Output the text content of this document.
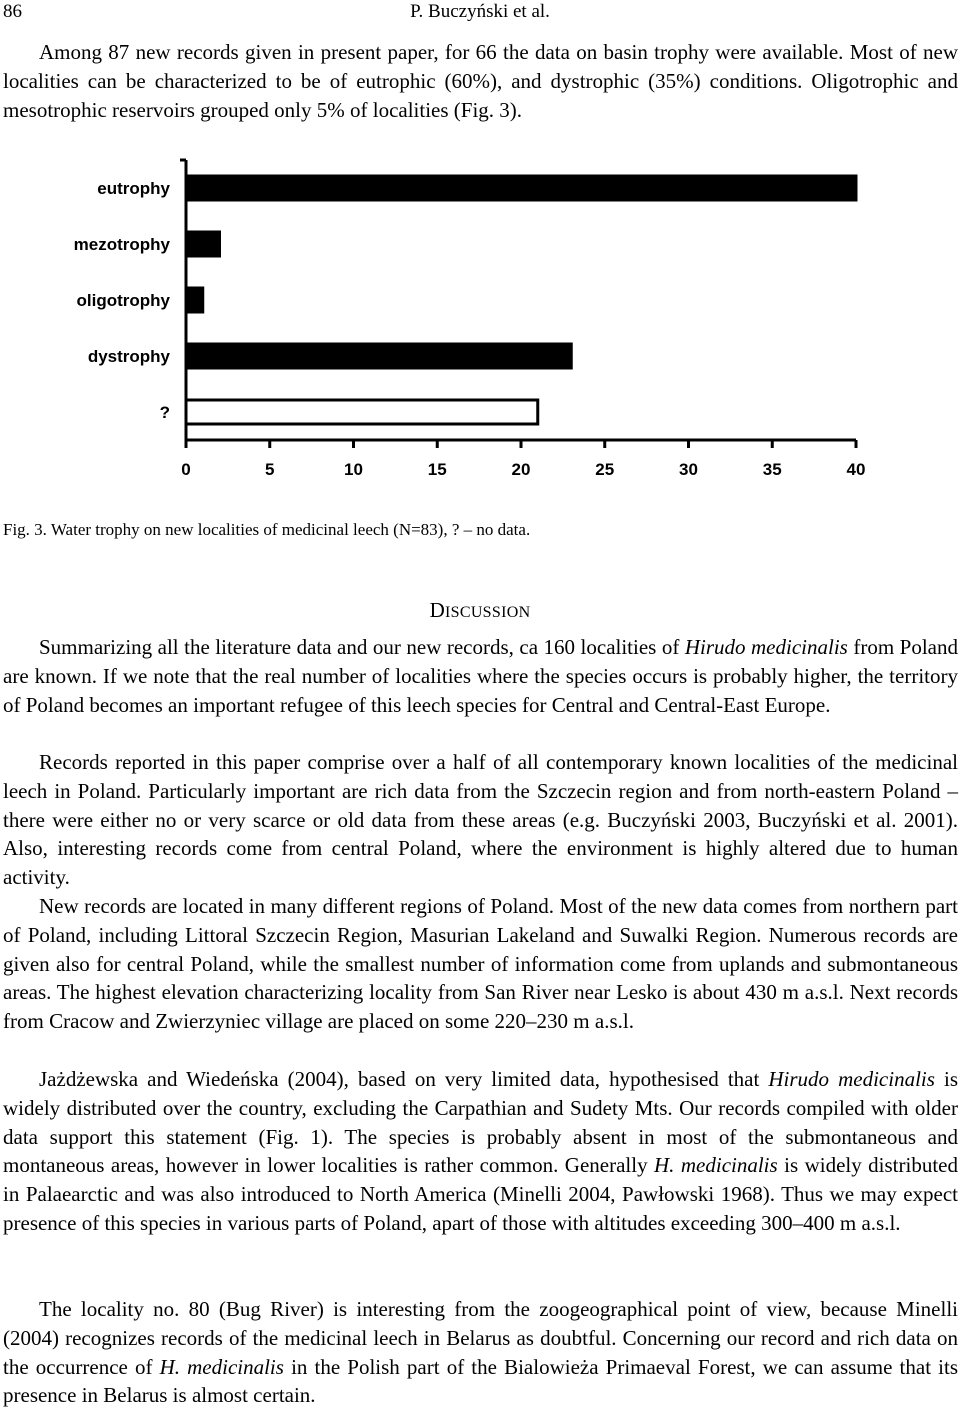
86	P. Buczyński et al.

Among 87 new records given in present paper, for 66 the data on basin trophy were available. Most of new localities can be characterized to be of eutrophic (60%), and dystrophic (35%) conditions. Oligotrophic and mesotrophic reservoirs grouped only 5% of localities (Fig. 3).

eutrophy
mezotrophy
oligotrophy
dystrophy
?
0	5	10	15	20	25	30	35	40
Fig. 3. Water trophy on new localities of medicinal leech (N=83), ? – no data.
DISCUSSION

Summarizing all the literature data and our new records, ca 160 localities of Hirudo medicinalis from Poland are known. If we note that the real number of localities where the species occurs is probably higher, the territory of Poland becomes an important refugee of this leech species for Central and Central-East Europe.

Records reported in this paper comprise over a half of all contemporary known localities of the medicinal leech in Poland. Particularly important are rich data from the Szczecin region and from north-eastern Poland – there were either no or very scarce or old data from these areas (e.g. Buczyński 2003, Buczyński et al. 2001). Also, interesting records come from central Poland, where the environment is highly altered due to human activity.

New records are located in many different regions of Poland. Most of the new data comes from northern part of Poland, including Littoral Szczecin Region, Masurian Lakeland and Suwalki Region. Numerous records are given also for central Poland, while the smallest number of information come from uplands and submontaneous areas. The highest elevation characterizing locality from San River near Lesko is about 430 m a.s.l. Next records from Cracow and Zwierzyniec village are placed on some 220–230 m a.s.l.

Jażdżewska and Wiedeńska (2004), based on very limited data, hypothesised that Hirudo medicinalis is widely distributed over the country, excluding the Carpathian and Sudety Mts. Our records compiled with older data support this statement (Fig. 1). The species is probably absent in most of the submontaneous and montaneous areas, however in lower localities is rather common. Generally H. medicinalis is widely distributed in Palaearctic and was also introduced to North America (Minelli 2004, Pawłowski 1968). Thus we may expect presence of this species in various parts of Poland, apart of those with altitudes exceeding 300–400 m a.s.l.

The locality no. 80 (Bug River) is interesting from the zoogeographical point of view, because Minelli (2004) recognizes records of the medicinal leech in Belarus as doubtful. Concerning our record and rich data on the occurrence of H. medicinalis in the Polish part of the Bialowieża Primaeval Forest, we can assume that its presence in Belarus is almost certain.
